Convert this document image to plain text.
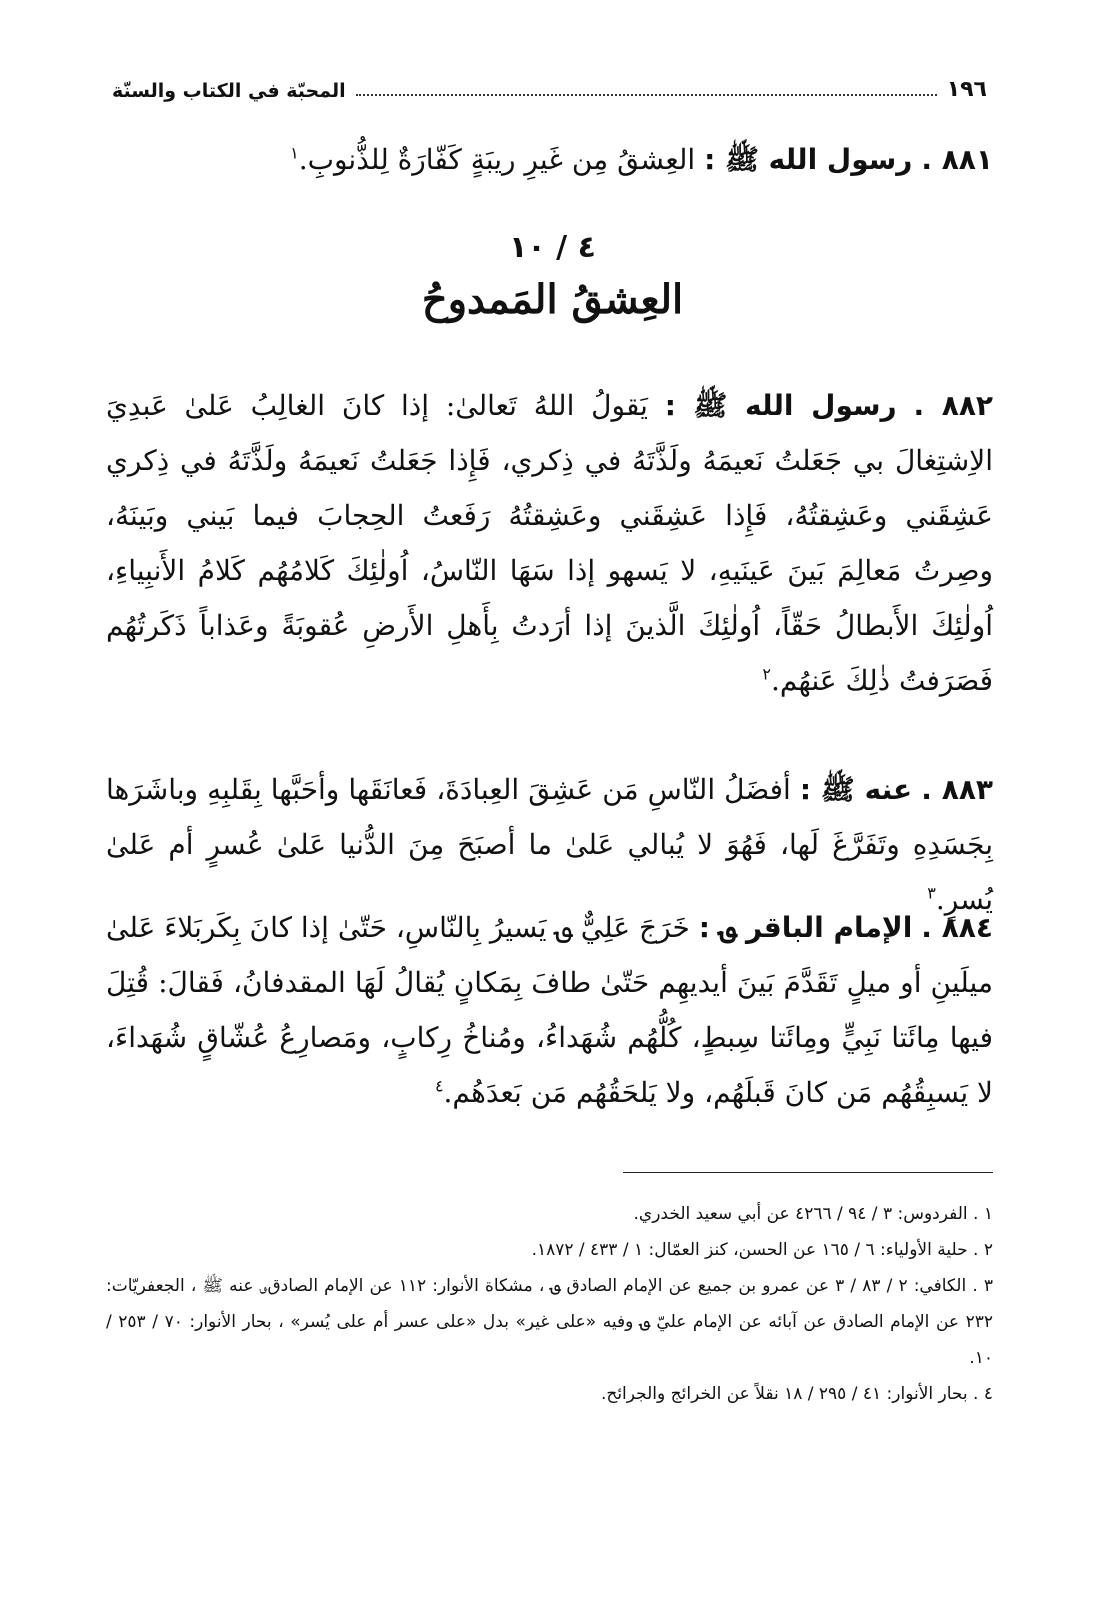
١٩٦
المحبّة في الكتاب والسنّة

٨٨١ . رسول الله ﷺ : العِشقُ مِن غَيرِ ريبَةٍ كَفّارَةٌ لِلذُّنوبِ.$^١$

٤ / ١٠
العِشقُ المَمدوحُ

٨٨٢ . رسول الله ﷺ : يَقولُ اللهُ تَعالىٰ: إذا كانَ الغالِبُ عَلىٰ عَبدِيَ الاِشتِغالَ بي جَعَلتُ نَعيمَهُ ولَذَّتَهُ في ذِكري، فَإِذا جَعَلتُ نَعيمَهُ ولَذَّتَهُ في ذِكري عَشِقَني وعَشِقتُهُ، فَإِذا عَشِقَني وعَشِقتُهُ رَفَعتُ الحِجابَ فيما بَيني وبَينَهُ، وصِرتُ مَعالِمَ بَينَ عَينَيهِ، لا يَسهو إذا سَهَا النّاسُ، اُولٰئِكَ كَلامُهُم كَلامُ الأَنبِياءِ، اُولٰئِكَ الأَبطالُ حَقّاً، اُولٰئِكَ الَّذينَ إذا أرَدتُ بِأَهلِ الأَرضِ عُقوبَةً وعَذاباً ذَكَرتُهُم فَصَرَفتُ ذٰلِكَ عَنهُم.$^٢$

٨٨٣ . عنه ﷺ : أفضَلُ النّاسِ مَن عَشِقَ العِبادَةَ، فَعانَقَها وأحَبَّها بِقَلبِهِ وباشَرَها بِجَسَدِهِ وتَفَرَّغَ لَها، فَهُوَ لا يُبالي عَلىٰ ما أصبَحَ مِنَ الدُّنيا عَلىٰ عُسرٍ أم عَلىٰ يُسرٍ.$^٣$

٨٨٤ . الإمام الباقر ؈ : خَرَجَ عَلِيٌّ ؈ يَسيرُ بِالنّاسِ، حَتّىٰ إذا كانَ بِكَربَلاءَ عَلىٰ ميلَينِ أو ميلٍ تَقَدَّمَ بَينَ أيديهِم حَتّىٰ طافَ بِمَكانٍ يُقالُ لَهَا المقدفانُ، فَقالَ: قُتِلَ فيها مِائَتا نَبِيٍّ ومِائَتا سِبطٍ، كُلُّهُم شُهَداءُ، ومُناخُ رِكابٍ، ومَصارِعُ عُشّاقٍ شُهَداءَ، لا يَسبِقُهُم مَن كانَ قَبلَهُم، ولا يَلحَقُهُم مَن بَعدَهُم.$^٤$

١ . الفردوس: ٣ / ٩٤ / ٤٢٦٦ عن أبي سعيد الخدري.
٢ . حلية الأولياء: ٦ / ١٦٥ عن الحسن، كنز العمّال: ١ / ٤٣٣ / ١٨٧٢.
٣ . الكافي: ٢ / ٨٣ / ٣ عن عمرو بن جميع عن الإمام الصادق ؈ ، مشكاة الأنوار: ١١٢ عن الإمام الصادق؈ عنه ﷺ ، الجعفريّات: ٢٣٢ عن الإمام الصادق عن آبائه عن الإمام عليّ ؈ وفيه «على غير» بدل «على عسر أم على يُسر» ، بحار الأنوار: ٧٠ / ٢٥٣ / ١٠.
٤ . بحار الأنوار: ٤١ / ٢٩٥ / ١٨ نقلاً عن الخرائج والجرائح.
